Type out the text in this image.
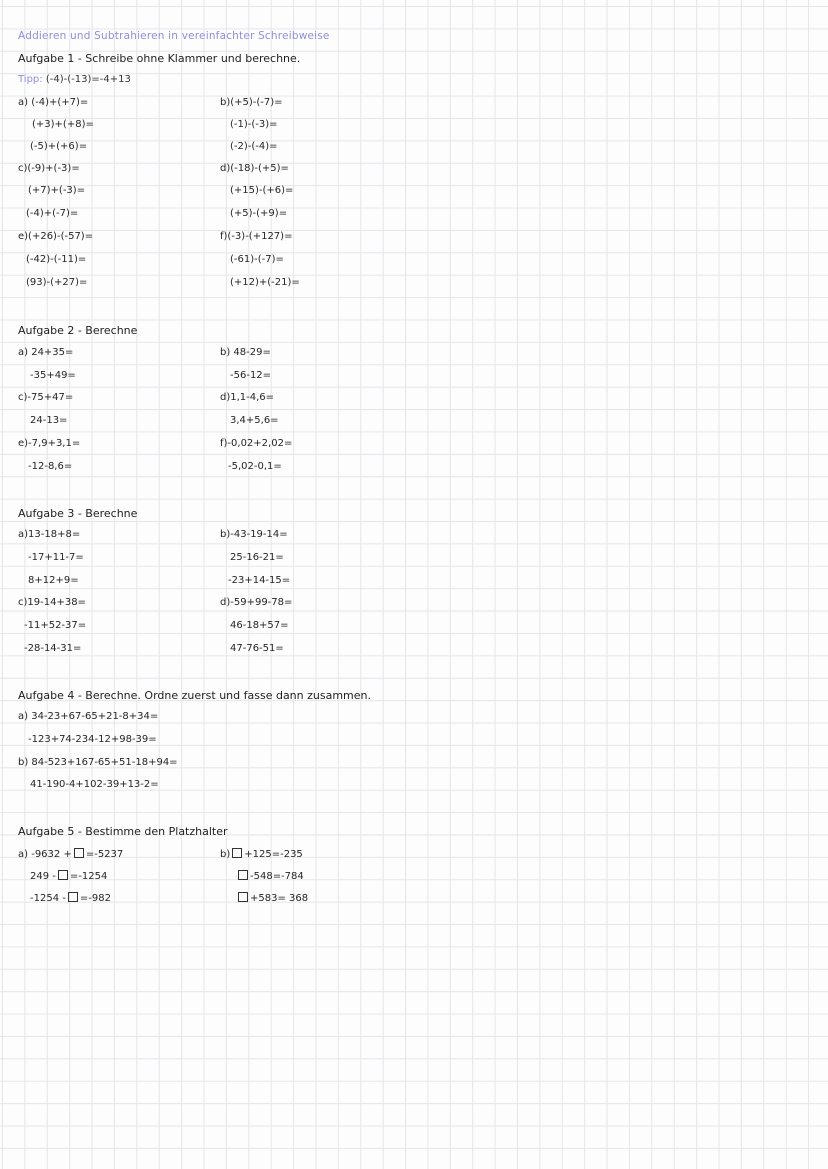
Addieren und Subtrahieren in vereinfachter Schreibweise
Aufgabe 1 - Schreibe ohne Klammer und berechne.
Tipp: (-4)-(-13)=-4+13
a) (-4)+(+7)=
(+3)+(+8)=
(-5)+(+6)=
c)(-9)+(-3)=
(+7)+(-3)=
(-4)+(-7)=
e)(+26)-(-57)=
(-42)-(-11)=
(93)-(+27)=
b)(+5)-(-7)=
(-1)-(-3)=
(-2)-(-4)=
d)(-18)-(+5)=
(+15)-(+6)=
(+5)-(+9)=
f)(-3)-(+127)=
(-61)-(-7)=
(+12)+(-21)=
Aufgabe 2 - Berechne
a) 24+35=
-35+49=
c)-75+47=
24-13=
e)-7,9+3,1=
-12-8,6=
b) 48-29=
-56-12=
d)1,1-4,6=
3,4+5,6=
f)-0,02+2,02=
-5,02-0,1=
Aufgabe 3 - Berechne
a)13-18+8=
-17+11-7=
8+12+9=
c)19-14+38=
-11+52-37=
-28-14-31=
b)-43-19-14=
25-16-21=
-23+14-15=
d)-59+99-78=
46-18+57=
47-76-51=
Aufgabe 4 - Berechne. Ordne zuerst und fasse dann zusammen.
a) 34-23+67-65+21-8+34=
-123+74-234-12+98-39=
b) 84-523+167-65+51-18+94=
41-190-4+102-39+13-2=
Aufgabe 5 - Bestimme den Platzhalter
a) -9632 + =-5237
249 - =-1254
-1254 - =-982
b) +125=-235
-548=-784
+583= 368
